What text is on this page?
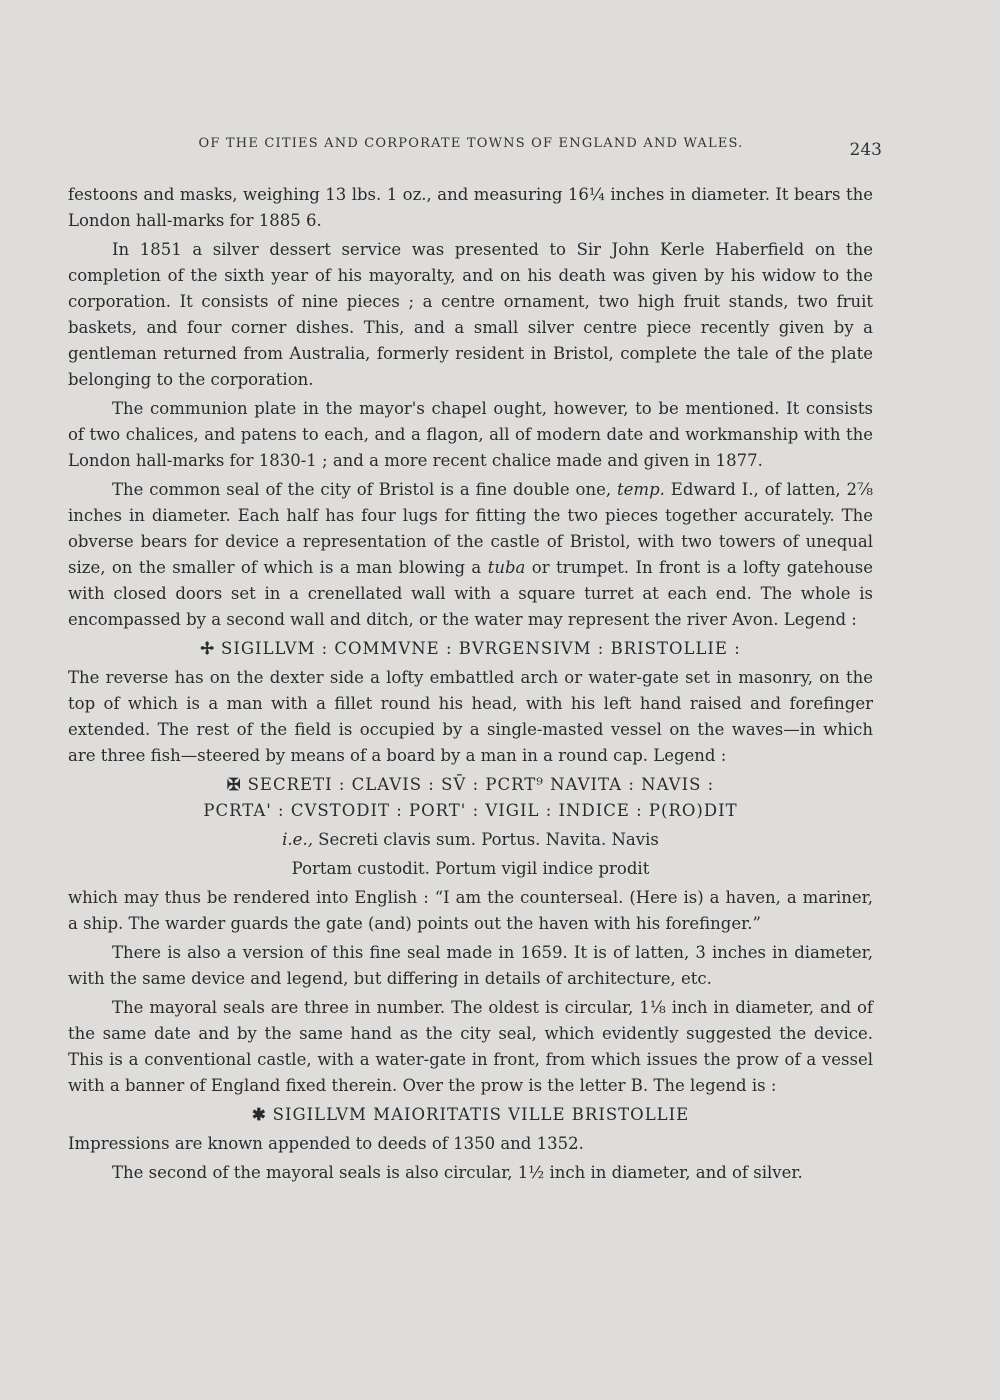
OF THE CITIES AND CORPORATE TOWNS OF ENGLAND AND WALES.	243

festoons and masks, weighing 13 lbs. 1 oz., and measuring 16¼ inches in diameter. It bears the London hall-marks for 1885 6.

In 1851 a silver dessert service was presented to Sir John Kerle Haberfield on the completion of the sixth year of his mayoralty, and on his death was given by his widow to the corporation. It consists of nine pieces ; a centre ornament, two high fruit stands, two fruit baskets, and four corner dishes. This, and a small silver centre piece recently given by a gentleman returned from Australia, formerly resident in Bristol, complete the tale of the plate belonging to the corporation.

The communion plate in the mayor's chapel ought, however, to be mentioned. It consists of two chalices, and patens to each, and a flagon, all of modern date and workmanship with the London hall-marks for 1830-1 ; and a more recent chalice made and given in 1877.

The common seal of the city of Bristol is a fine double one, temp. Edward I., of latten, 2⅞ inches in diameter. Each half has four lugs for fitting the two pieces together accurately. The obverse bears for device a representation of the castle of Bristol, with two towers of unequal size, on the smaller of which is a man blowing a tuba or trumpet. In front is a lofty gatehouse with closed doors set in a crenellated wall with a square turret at each end. The whole is encompassed by a second wall and ditch, or the water may represent the river Avon. Legend :

✢ SIGILLVM : COMMVNE : BVRGENSIVM : BRISTOLLIE :

The reverse has on the dexter side a lofty embattled arch or water-gate set in masonry, on the top of which is a man with a fillet round his head, with his left hand raised and forefinger extended. The rest of the field is occupied by a single-masted vessel on the waves—in which are three fish—steered by means of a board by a man in a round cap. Legend :

✠ SECRETI : CLAVIS : SV̄ : PCRT⁹ NAVITA : NAVIS :

PCRTA' : CVSTODIT : PORT' : VIGIL : INDICE : P(RO)DIT

i.e., Secreti clavis sum. Portus. Navita. Navis

Portam custodit. Portum vigil indice prodit

which may thus be rendered into English : “I am the counterseal. (Here is) a haven, a mariner, a ship. The warder guards the gate (and) points out the haven with his forefinger.”

There is also a version of this fine seal made in 1659. It is of latten, 3 inches in diameter, with the same device and legend, but differing in details of architecture, etc.

The mayoral seals are three in number. The oldest is circular, 1⅛ inch in diameter, and of the same date and by the same hand as the city seal, which evidently suggested the device. This is a conventional castle, with a water-gate in front, from which issues the prow of a vessel with a banner of England fixed therein. Over the prow is the letter B. The legend is :

✱ SIGILLVM MAIORITATIS VILLE BRISTOLLIE

Impressions are known appended to deeds of 1350 and 1352.

The second of the mayoral seals is also circular, 1½ inch in diameter, and of silver.
